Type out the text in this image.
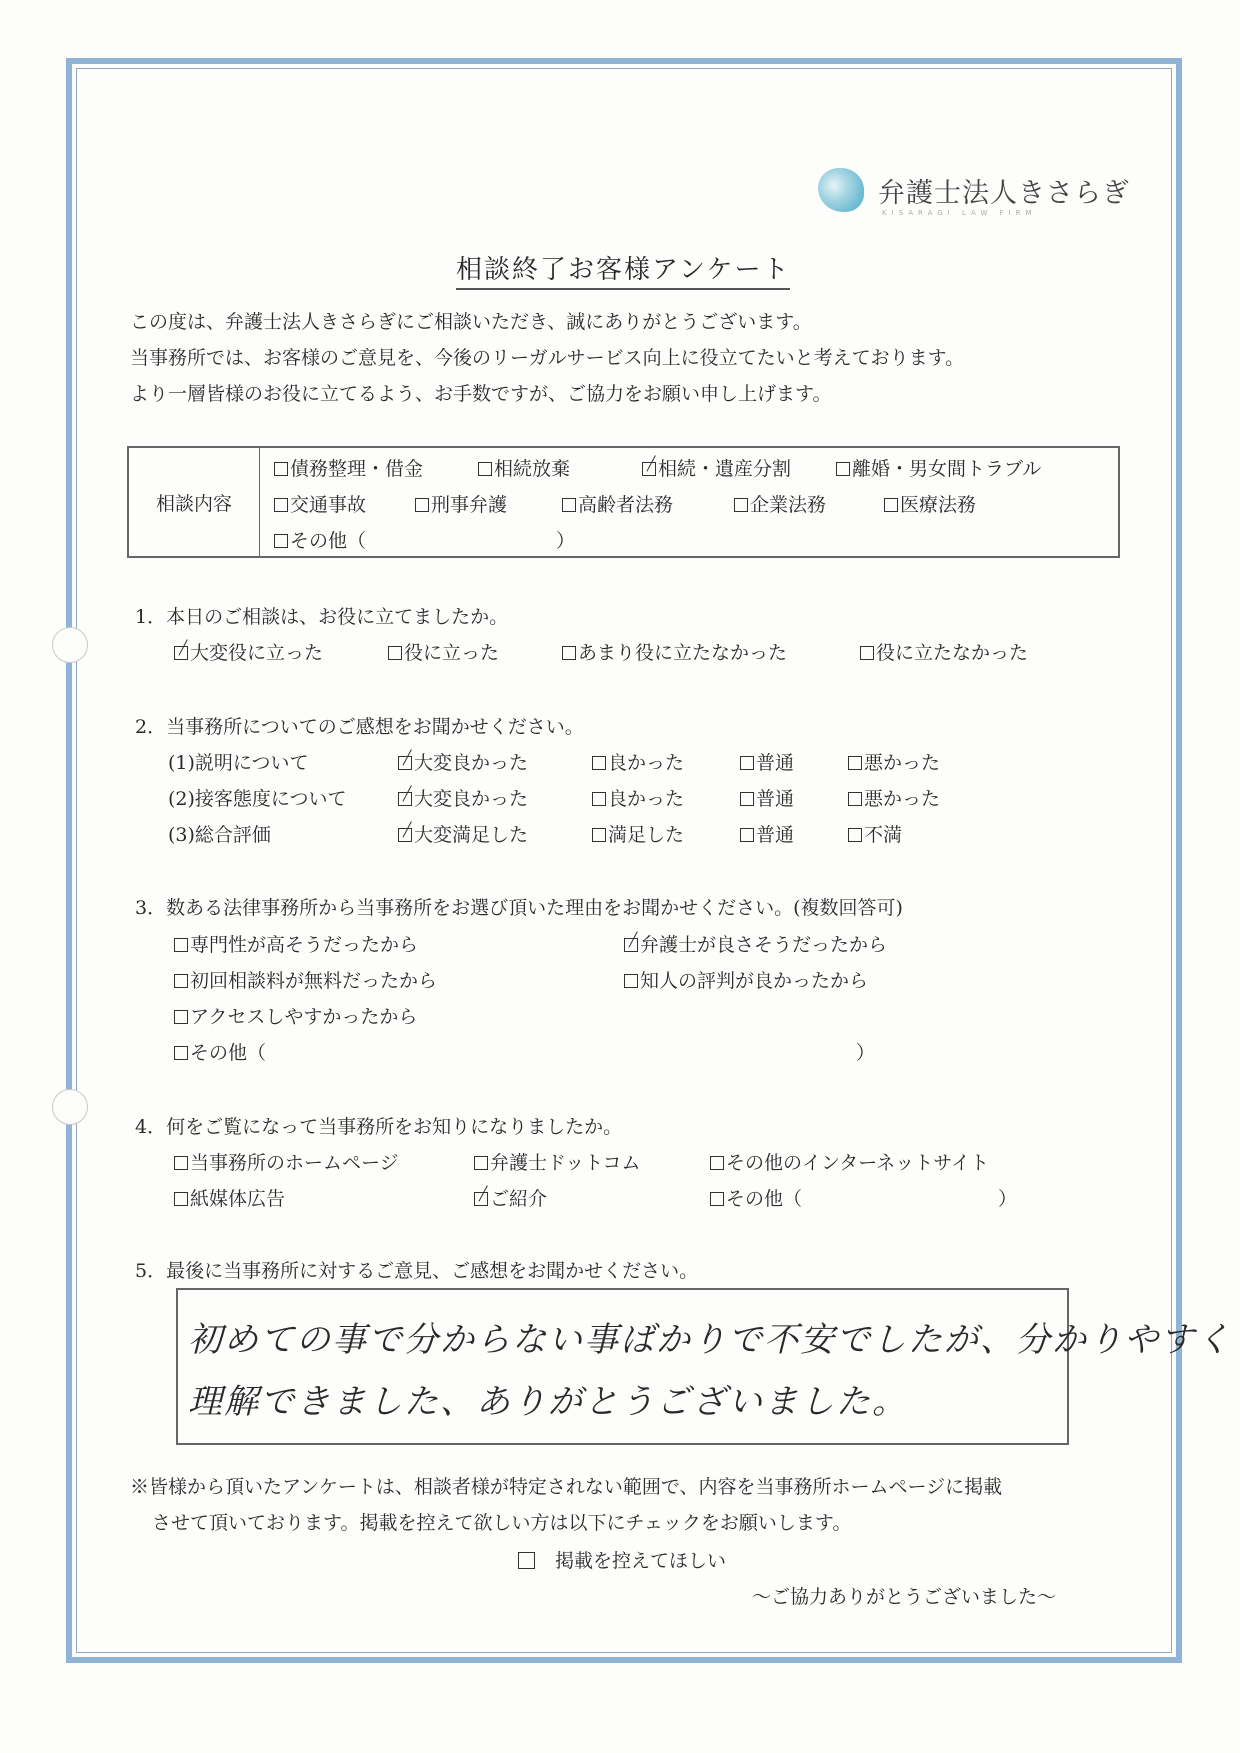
弁護士法人きさらぎ
KISARAGI LAW FIRM
相談終了お客様アンケート
この度は、弁護士法人きさらぎにご相談いただき、誠にありがとうございます。
当事務所では、お客様のご意見を、今後のリーガルサービス向上に役立てたいと考えております。
より一層皆様のお役に立てるよう、お手数ですが、ご協力をお願い申し上げます。
相談内容
債務整理・借金	相続放棄	相続・遺産分割	離婚・男女間トラブル
交通事故	刑事弁護	高齢者法務	企業法務	医療法務
その他（	）
1．本日のご相談は、お役に立てましたか。
大変役に立った	役に立った	あまり役に立たなかった	役に立たなかった
2．当事務所についてのご感想をお聞かせください。
(1)説明について	大変良かった	良かった	普通	悪かった
(2)接客態度について	大変良かった	良かった	普通	悪かった
(3)総合評価	大変満足した	満足した	普通	不満
3．数ある法律事務所から当事務所をお選び頂いた理由をお聞かせください。(複数回答可)
専門性が高そうだったから	弁護士が良さそうだったから
初回相談料が無料だったから	知人の評判が良かったから
アクセスしやすかったから
その他（	）
4．何をご覧になって当事務所をお知りになりましたか。
当事務所のホームページ	弁護士ドットコム	その他のインターネットサイト
紙媒体広告	ご紹介	その他（	）
5．最後に当事務所に対するご意見、ご感想をお聞かせください。
初めての事で分からない事ばかりで不安でしたが、分かりやすく
理解できました、ありがとうございました。
※皆様から頂いたアンケートは、相談者様が特定されない範囲で、内容を当事務所ホームページに掲載
させて頂いております。掲載を控えて欲しい方は以下にチェックをお願いします。
掲載を控えてほしい
〜ご協力ありがとうございました〜
